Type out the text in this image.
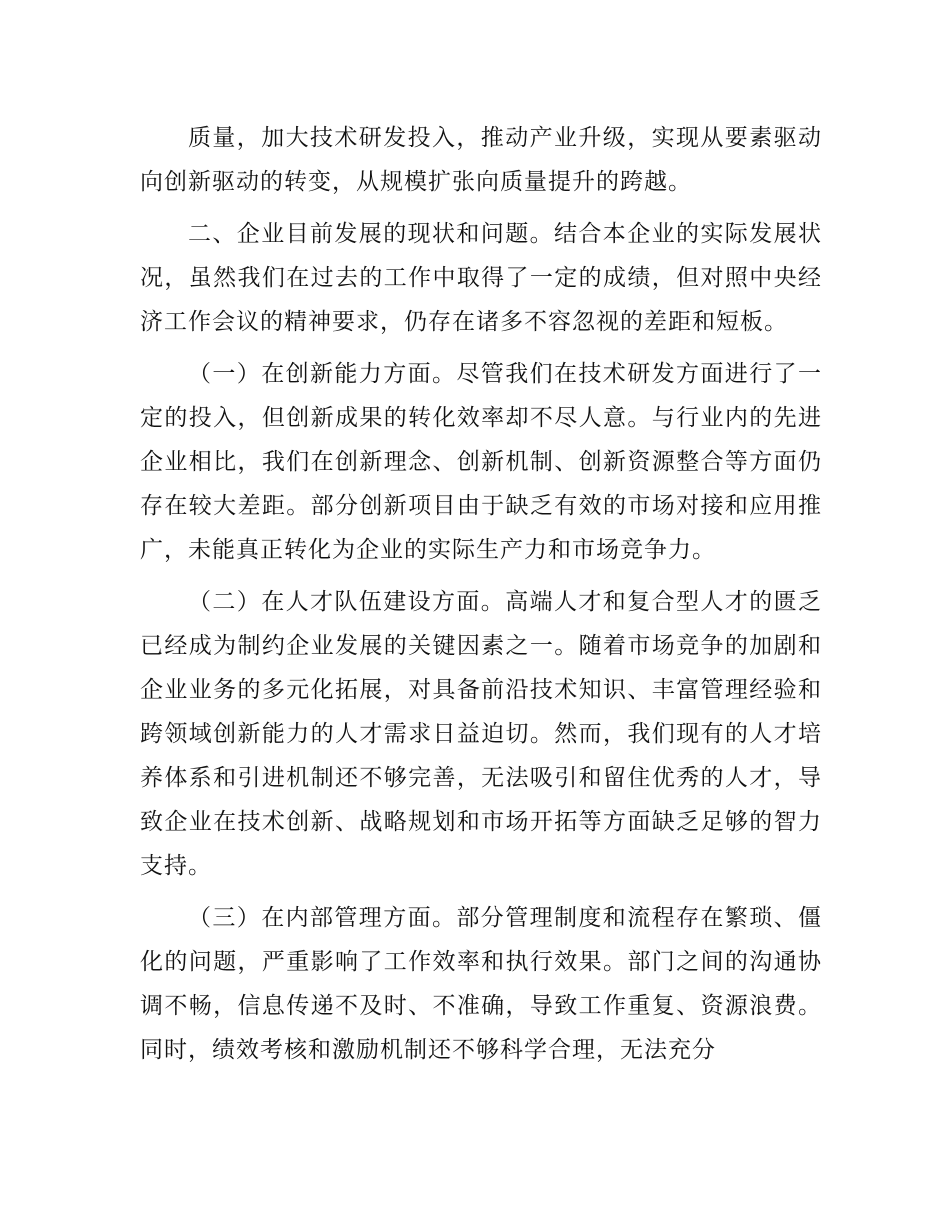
质量，加大技术研发投入，推动产业升级，实现从要素驱动向创新驱动的转变，从规模扩张向质量提升的跨越。

二、企业目前发展的现状和问题。结合本企业的实际发展状况，虽然我们在过去的工作中取得了一定的成绩，但对照中央经济工作会议的精神要求，仍存在诸多不容忽视的差距和短板。

（一）在创新能力方面。尽管我们在技术研发方面进行了一定的投入，但创新成果的转化效率却不尽人意。与行业内的先进企业相比，我们在创新理念、创新机制、创新资源整合等方面仍存在较大差距。部分创新项目由于缺乏有效的市场对接和应用推广，未能真正转化为企业的实际生产力和市场竞争力。

（二）在人才队伍建设方面。高端人才和复合型人才的匮乏已经成为制约企业发展的关键因素之一。随着市场竞争的加剧和企业业务的多元化拓展，对具备前沿技术知识、丰富管理经验和跨领域创新能力的人才需求日益迫切。然而，我们现有的人才培养体系和引进机制还不够完善，无法吸引和留住优秀的人才，导致企业在技术创新、战略规划和市场开拓等方面缺乏足够的智力支持。

（三）在内部管理方面。部分管理制度和流程存在繁琐、僵化的问题，严重影响了工作效率和执行效果。部门之间的沟通协调不畅，信息传递不及时、不准确，导致工作重复、资源浪费。同时，绩效考核和激励机制还不够科学合理，无法充分
